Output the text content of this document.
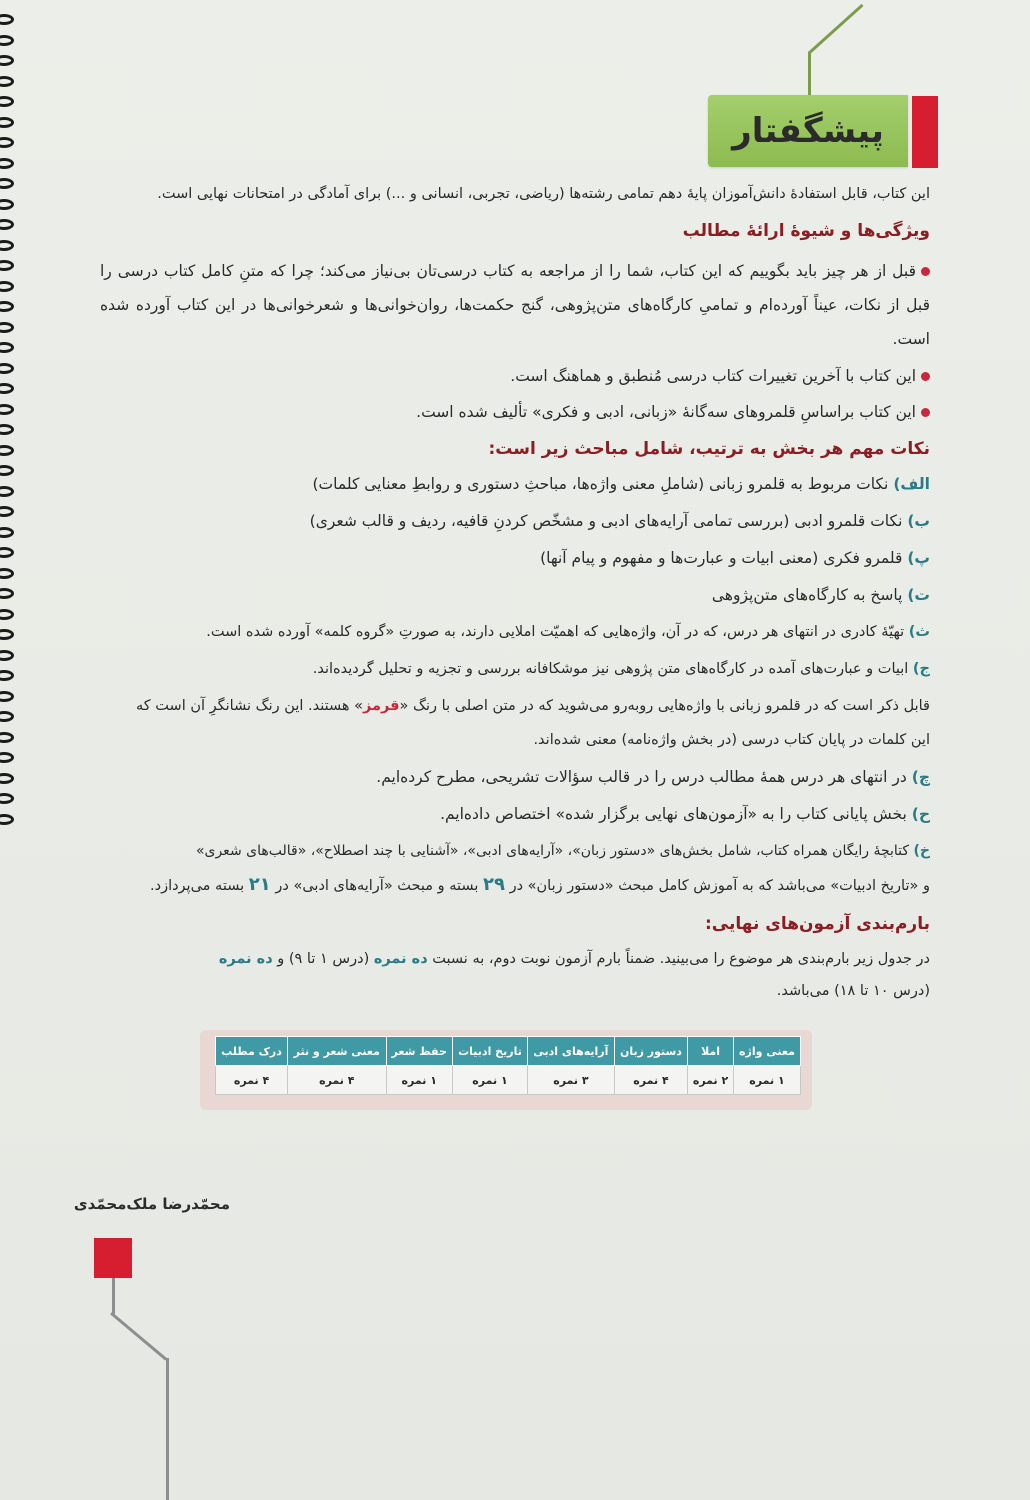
پیشگفتار

این کتاب، قابل استفادهٔ دانش‌آموزان پایهٔ دهم تمامی رشته‌ها (ریاضی، تجربی، انسانی و ...) برای آمادگی در امتحانات نهایی است.

ویژگی‌ها و شیوهٔ ارائهٔ مطالب

قبل از هر چیز باید بگوییم که این کتاب، شما را از مراجعه به کتاب درسی‌تان بی‌نیاز می‌کند؛ چرا که متنِ کامل کتاب درسی را قبل از نکات، عیناً آورده‌ام و تمامیِ کارگاه‌های متن‌پژوهی، گنج حکمت‌ها، روان‌خوانی‌ها و شعرخوانی‌ها در این کتاب آورده شده است.

این کتاب با آخرین تغییرات کتاب درسی مُنطبق و هماهنگ است.

این کتاب براساسِ قلمروهای سه‌گانهٔ «زبانی، ادبی و فکری» تألیف شده است.

نکات مهم هر بخش به ترتیب، شامل مباحث زیر است:
الف) نکات مربوط به قلمرو زبانی (شاملِ معنی واژه‌ها، مباحثِ دستوری و روابطِ معنایی کلمات)
ب) نکات قلمرو ادبی (بررسی تمامی آرایه‌های ادبی و مشخّص کردنِ قافیه، ردیف و قالب شعری)
پ) قلمرو فکری (معنی ابیات و عبارت‌ها و مفهوم و پیام آنها)
ت) پاسخ به کارگاه‌های متن‌پژوهی
ث) تهیّهٔ کادری در انتهای هر درس، که در آن، واژه‌هایی که اهمیّت املایی دارند، به صورتِ «گروه کلمه» آورده شده است.
ج) ابیات و عبارت‌های آمده در کارگاه‌های متن پژوهی نیز موشکافانه بررسی و تجزیه و تحلیل گردیده‌اند.
قابل ذکر است که در قلمرو زبانی با واژه‌هایی روبه‌رو می‌شوید که در متن اصلی با رنگ «قرمز» هستند. این رنگ نشانگرِ آن است که
این کلمات در پایان کتاب درسی (در بخش واژه‌نامه) معنی شده‌اند.
چ) در انتهای هر درس همهٔ مطالب درس را در قالب سؤالات تشریحی، مطرح کرده‌ایم.
ح) بخش پایانی کتاب را به «آزمون‌های نهایی برگزار شده» اختصاص داده‌ایم.
خ) کتابچهٔ رایگان همراه کتاب، شامل بخش‌های «دستور زبان»، «آرایه‌های ادبی»، «آشنایی با چند اصطلاح»، «قالب‌های شعری»
و «تاریخ ادبیات» می‌باشد که به آموزش کامل مبحث «دستور زبان» در ۲۹ بسته و مبحث «آرایه‌های ادبی» در ۲۱ بسته می‌پردازد.
بارم‌بندی آزمون‌های نهایی:
در جدول زیر بارم‌بندی هر موضوع را می‌بینید. ضمناً بارم آزمون نوبت دوم، به نسبت ده نمره (درس ۱ تا ۹) و ده نمره
(درس ۱۰ تا ۱۸) می‌باشد.
معنی واژه	املا	دستور زبان	آرایه‌های ادبی	تاریخ ادبیات	حفظ شعر	معنی شعر و نثر	درک مطلب
۱ نمره	۲ نمره	۴ نمره	۳ نمره	۱ نمره	۱ نمره	۴ نمره	۴ نمره
محمّدرضا ملک‌محمّدی
